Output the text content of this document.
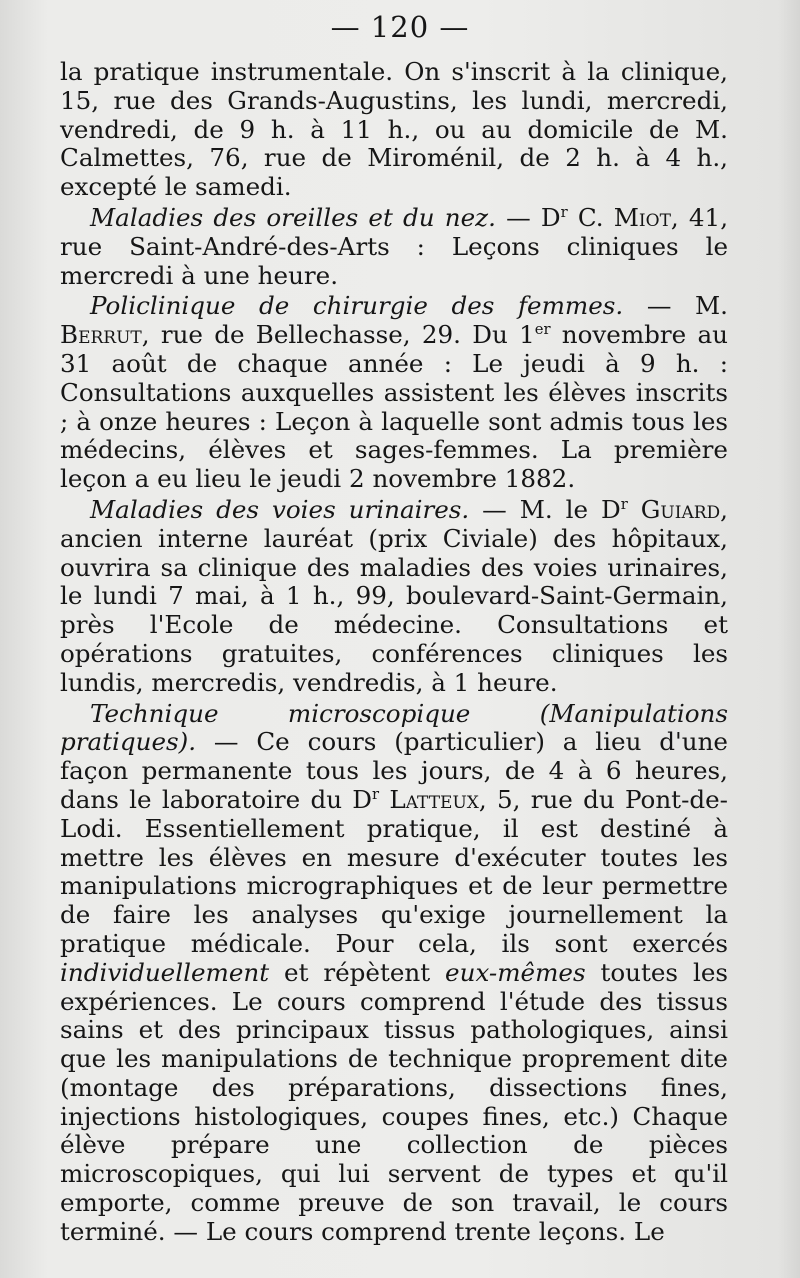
— 120 —

la pratique instrumentale. On s'inscrit à la clinique, 15, rue des Grands-Augustins, les lundi, mercredi, vendredi, de 9 h. à 11 h., ou au domicile de M. Calmettes, 76, rue de Miroménil, de 2 h. à 4 h., excepté le samedi.

Maladies des oreilles et du nez. — $D^r$ C. Miot, 41, rue Saint-André-des-Arts : Leçons cliniques le mercredi à une heure.

Policlinique de chirurgie des femmes. — M. Berrut, rue de Bellechasse, 29. Du 1er novembre au 31 août de chaque année : Le jeudi à 9 h. : Consultations auxquelles assistent les élèves inscrits ; à onze heures : Leçon à laquelle sont admis tous les médecins, élèves et sages-femmes. La première leçon a eu lieu le jeudi 2 novembre 1882.

Maladies des voies urinaires. — M. le $D^r$ Guiard, ancien interne lauréat (prix Civiale) des hôpitaux, ouvrira sa clinique des maladies des voies urinaires, le lundi 7 mai, à 1 h., 99, boulevard-Saint-Germain, près l'Ecole de médecine. Consultations et opérations gratuites, conférences cliniques les lundis, mercredis, vendredis, à 1 heure.

Technique microscopique (Manipulations pratiques). — Ce cours (particulier) a lieu d'une façon permanente tous les jours, de 4 à 6 heures, dans le laboratoire du $D^r$ Latteux, 5, rue du Pont-de-Lodi. Essentiellement pratique, il est destiné à mettre les élèves en mesure d'exécuter toutes les manipulations micrographiques et de leur permettre de faire les analyses qu'exige journellement la pratique médicale. Pour cela, ils sont exercés individuellement et répètent eux-mêmes toutes les expériences. Le cours comprend l'étude des tissus sains et des principaux tissus pathologiques, ainsi que les manipulations de technique proprement dite (montage des préparations, dissections fines, injections histologiques, coupes fines, etc.) Chaque élève prépare une collection de pièces microscopiques, qui lui servent de types et qu'il emporte, comme preuve de son travail, le cours terminé. — Le cours comprend trente leçons. Le
